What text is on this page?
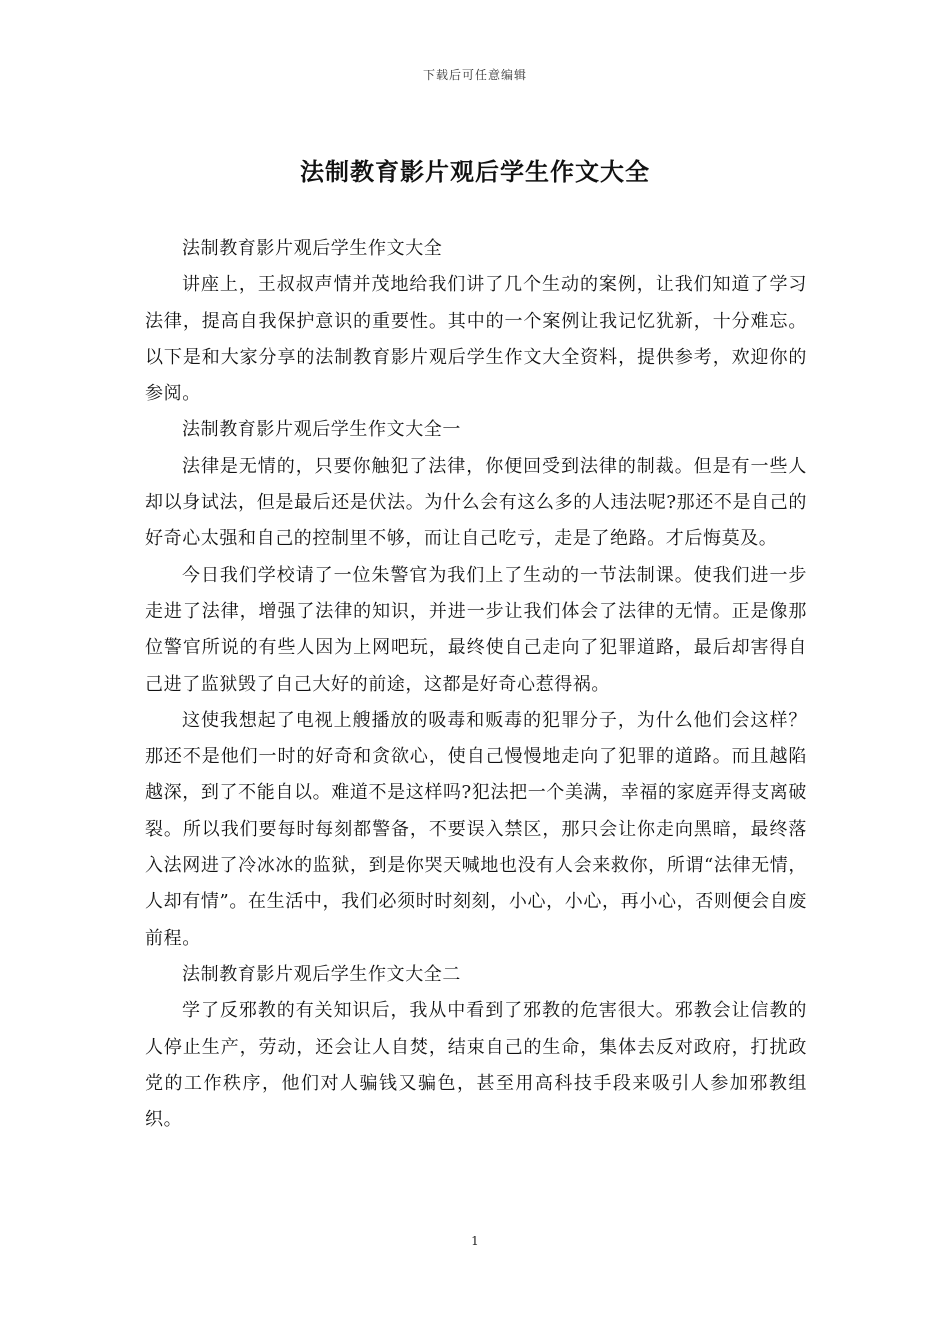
下载后可任意编辑
法制教育影片观后学生作文大全

法制教育影片观后学生作文大全

讲座上，王叔叔声情并茂地给我们讲了几个生动的案例，让我们知道了学习法律，提高自我保护意识的重要性。其中的一个案例让我记忆犹新，十分难忘。以下是和大家分享的法制教育影片观后学生作文大全资料，提供参考，欢迎你的参阅。

法制教育影片观后学生作文大全一

法律是无情的，只要你触犯了法律，你便回受到法律的制裁。但是有一些人却以身试法，但是最后还是伏法。为什么会有这么多的人违法呢?那还不是自己的好奇心太强和自己的控制里不够，而让自己吃亏，走是了绝路。才后悔莫及。

今日我们学校请了一位朱警官为我们上了生动的一节法制课。使我们进一步走进了法律，增强了法律的知识，并进一步让我们体会了法律的无情。正是像那位警官所说的有些人因为上网吧玩，最终使自己走向了犯罪道路，最后却害得自己进了监狱毁了自己大好的前途，这都是好奇心惹得祸。

这使我想起了电视上艘播放的吸毒和贩毒的犯罪分子，为什么他们会这样？那还不是他们一时的好奇和贪欲心，使自己慢慢地走向了犯罪的道路。而且越陷越深，到了不能自以。难道不是这样吗?犯法把一个美满，幸福的家庭弄得支离破裂。所以我们要每时每刻都警备，不要误入禁区，那只会让你走向黑暗，最终落入法网进了冷冰冰的监狱，到是你哭天喊地也没有人会来救你，所谓“法律无情，人却有情”。在生活中，我们必须时时刻刻，小心，小心，再小心，否则便会自废前程。

法制教育影片观后学生作文大全二

学了反邪教的有关知识后，我从中看到了邪教的危害很大。邪教会让信教的人停止生产，劳动，还会让人自焚，结束自己的生命，集体去反对政府，打扰政党的工作秩序，他们对人骗钱又骗色，甚至用高科技手段来吸引人参加邪教组织。

1
